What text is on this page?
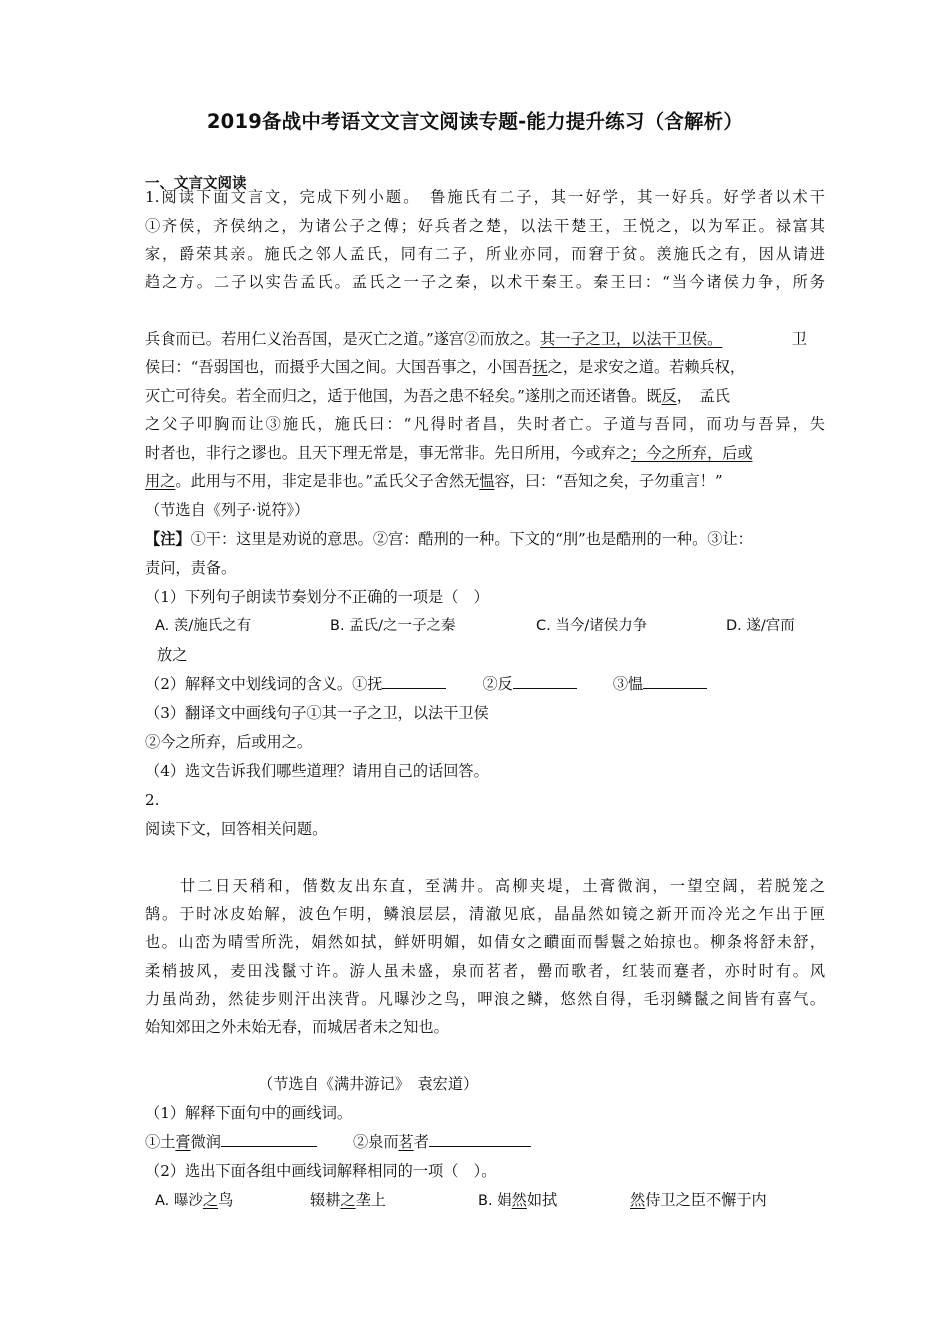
2019备战中考语文文言文阅读专题-能力提升练习（含解析）
一、文言文阅读
1.阅读下面文言文，完成下列小题。　鲁施氏有二子，其一好学，其一好兵。好学者以术干
①齐侯，齐侯纳之，为诸公子之傅；好兵者之楚，以法干楚王，王悦之，以为军正。禄富其
家，爵荣其亲。施氏之邻人孟氏，同有二子，所业亦同，而窘于贫。羡施氏之有，因从请进
趋之方。二子以实告孟氏。孟氏之一子之秦，以术干秦王。秦王曰：“当今诸侯力争，所务
兵食而已。若用仁义治吾国，是灭亡之道。”遂宫②而放之。其一子之卫，以法干卫侯。	卫
侯曰：“吾弱国也，而摄乎大国之间。大国吾事之，小国吾抚之，是求安之道。若赖兵权，
灭亡可待矣。若全而归之，适于他国，为吾之患不轻矣。”遂刖之而还诸鲁。既反，　孟氏
之父子叩胸而让③施氏，施氏曰：“凡得时者昌，失时者亡。子道与吾同，而功与吾异，失
时者也，非行之谬也。且天下理无常是，事无常非。先日所用，今或弃之；今之所弃，后或
用之。此用与不用，非定是非也。”孟氏父子舍然无愠容，曰：“吾知之矣，子勿重言！”
（节选自《列子·说符》）
【注】①干：这里是劝说的意思。②宫：酷刑的一种。下文的“刖”也是酷刑的一种。③让：
责问，责备。
（1）下列句子朗读节奏划分不正确的一项是（　）
A. 羡/施氏之有	B. 孟氏/之一子之秦	C. 当今/诸侯力争	D. 遂/宫而
放之
（2）解释文中划线词的含义。①抚	②反	③愠
（3）翻译文中画线句子①其一子之卫，以法干卫侯
②今之所弃，后或用之。
（4）选文告诉我们哪些道理？请用自己的话回答。
2.
阅读下文，回答相关问题。
　　廿二日天稍和，偕数友出东直，至满井。高柳夹堤，土膏微润，一望空阔，若脱笼之
鹄。于时冰皮始解，波色乍明，鳞浪层层，清澈见底，晶晶然如镜之新开而冷光之乍出于匣
也。山峦为晴雪所洗，娟然如拭，鲜妍明媚，如倩女之靧面而髻鬟之始掠也。柳条将舒未舒，
柔梢披风，麦田浅鬣寸许。游人虽未盛，泉而茗者，罍而歌者，红装而蹇者，亦时时有。风
力虽尚劲，然徒步则汗出浃背。凡曝沙之鸟，呷浪之鳞，悠然自得，毛羽鳞鬣之间皆有喜气。
始知郊田之外未始无春，而城居者未之知也。
（节选自《满井游记》　袁宏道）
（1）解释下面句中的画线词。
①土膏微润	②泉而茗者
（2）选出下面各组中画线词解释相同的一项（　）。
A. 曝沙之鸟	辍耕之垄上	B. 娟然如拭	然侍卫之臣不懈于内
